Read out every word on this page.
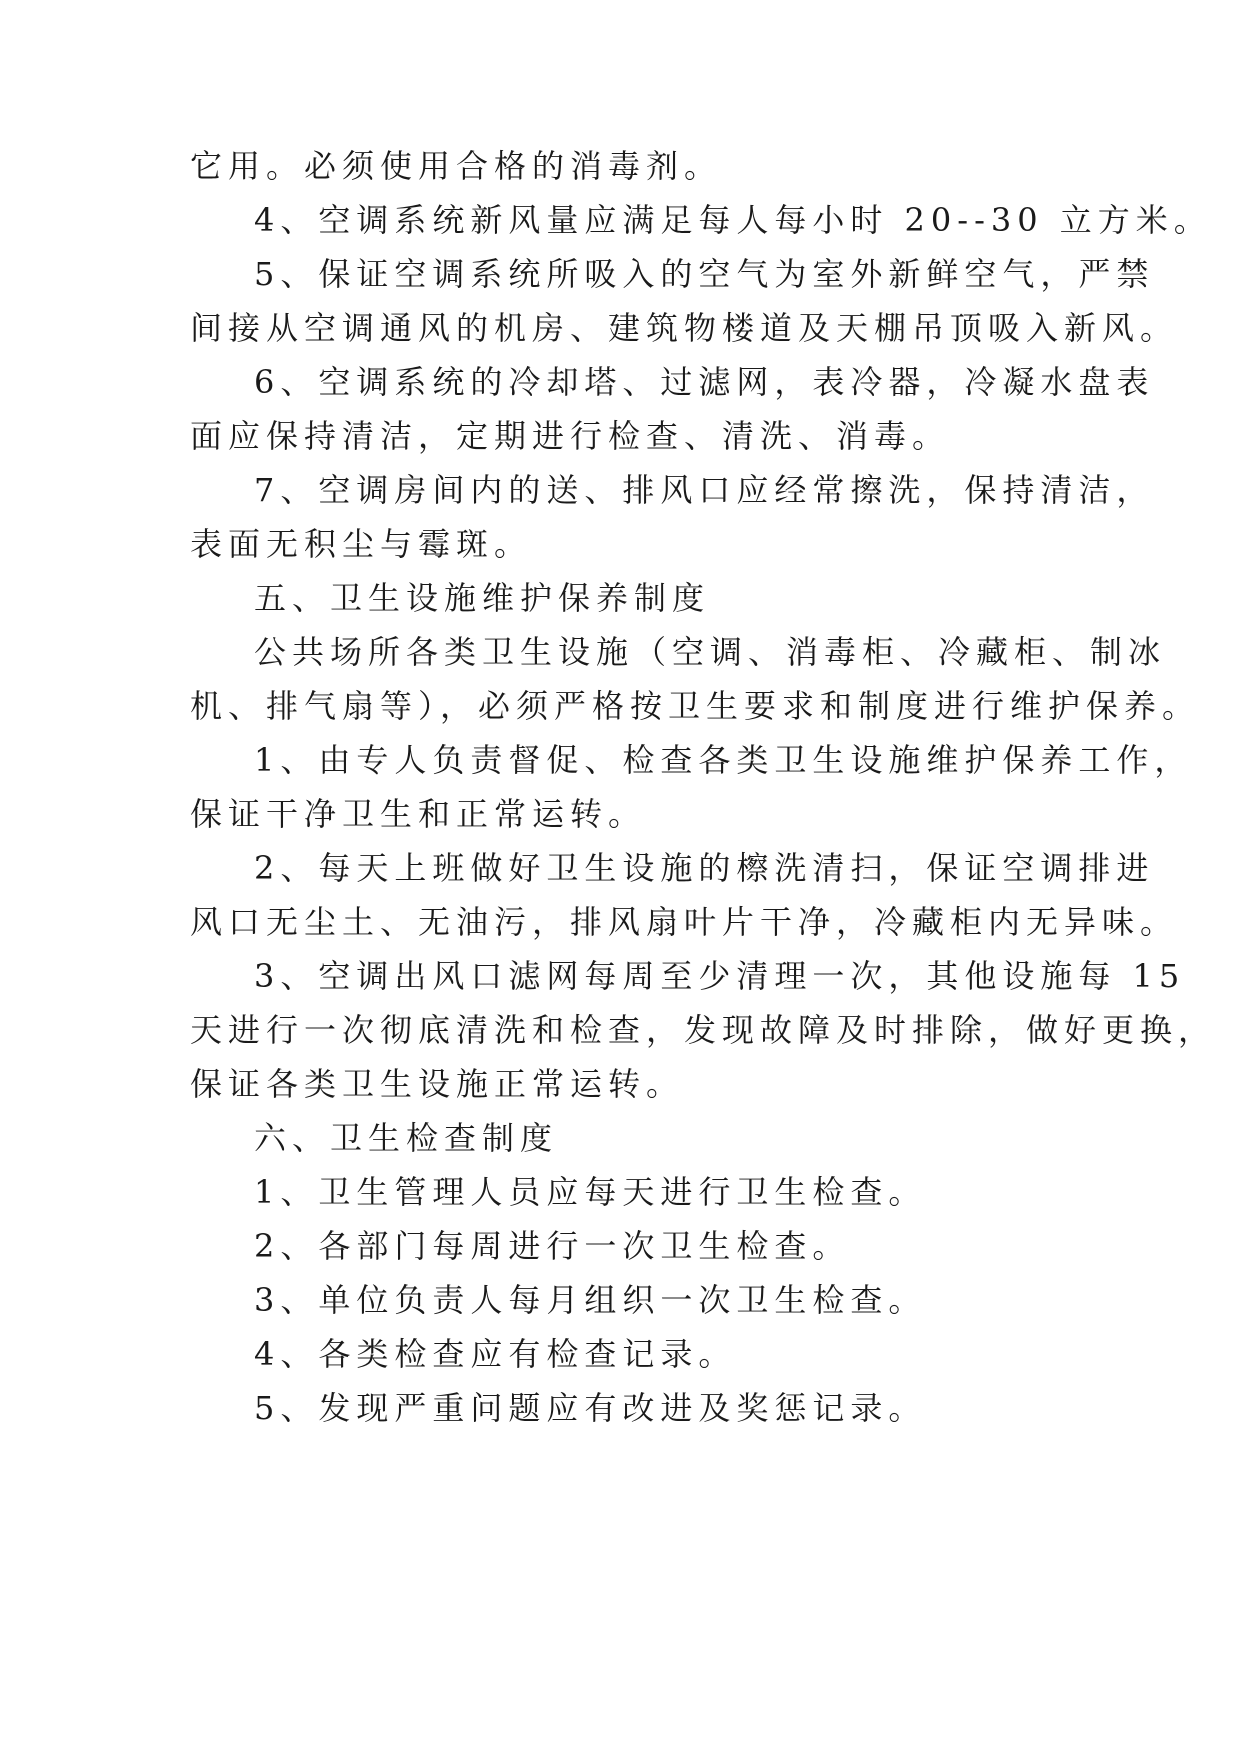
它用。必须使用合格的消毒剂。
4、空调系统新风量应满足每人每小时 20--30 立方米。
5、保证空调系统所吸入的空气为室外新鲜空气，严禁
间接从空调通风的机房、建筑物楼道及天棚吊顶吸入新风。
6、空调系统的冷却塔、过滤网，表冷器，冷凝水盘表
面应保持清洁，定期进行检查、清洗、消毒。
7、空调房间内的送、排风口应经常擦洗，保持清洁，
表面无积尘与霉斑。
五、卫生设施维护保养制度
公共场所各类卫生设施（空调、消毒柜、冷藏柜、制冰
机、排气扇等），必须严格按卫生要求和制度进行维护保养。
1、由专人负责督促、检查各类卫生设施维护保养工作，
保证干净卫生和正常运转。
2、每天上班做好卫生设施的檫洗清扫，保证空调排进
风口无尘土、无油污，排风扇叶片干净，冷藏柜内无异味。
3、空调出风口滤网每周至少清理一次，其他设施每 15
天进行一次彻底清洗和检查，发现故障及时排除，做好更换，
保证各类卫生设施正常运转。
六、卫生检查制度
1、卫生管理人员应每天进行卫生检查。
2、各部门每周进行一次卫生检查。
3、单位负责人每月组织一次卫生检查。
4、各类检查应有检查记录。
5、发现严重问题应有改进及奖惩记录。
